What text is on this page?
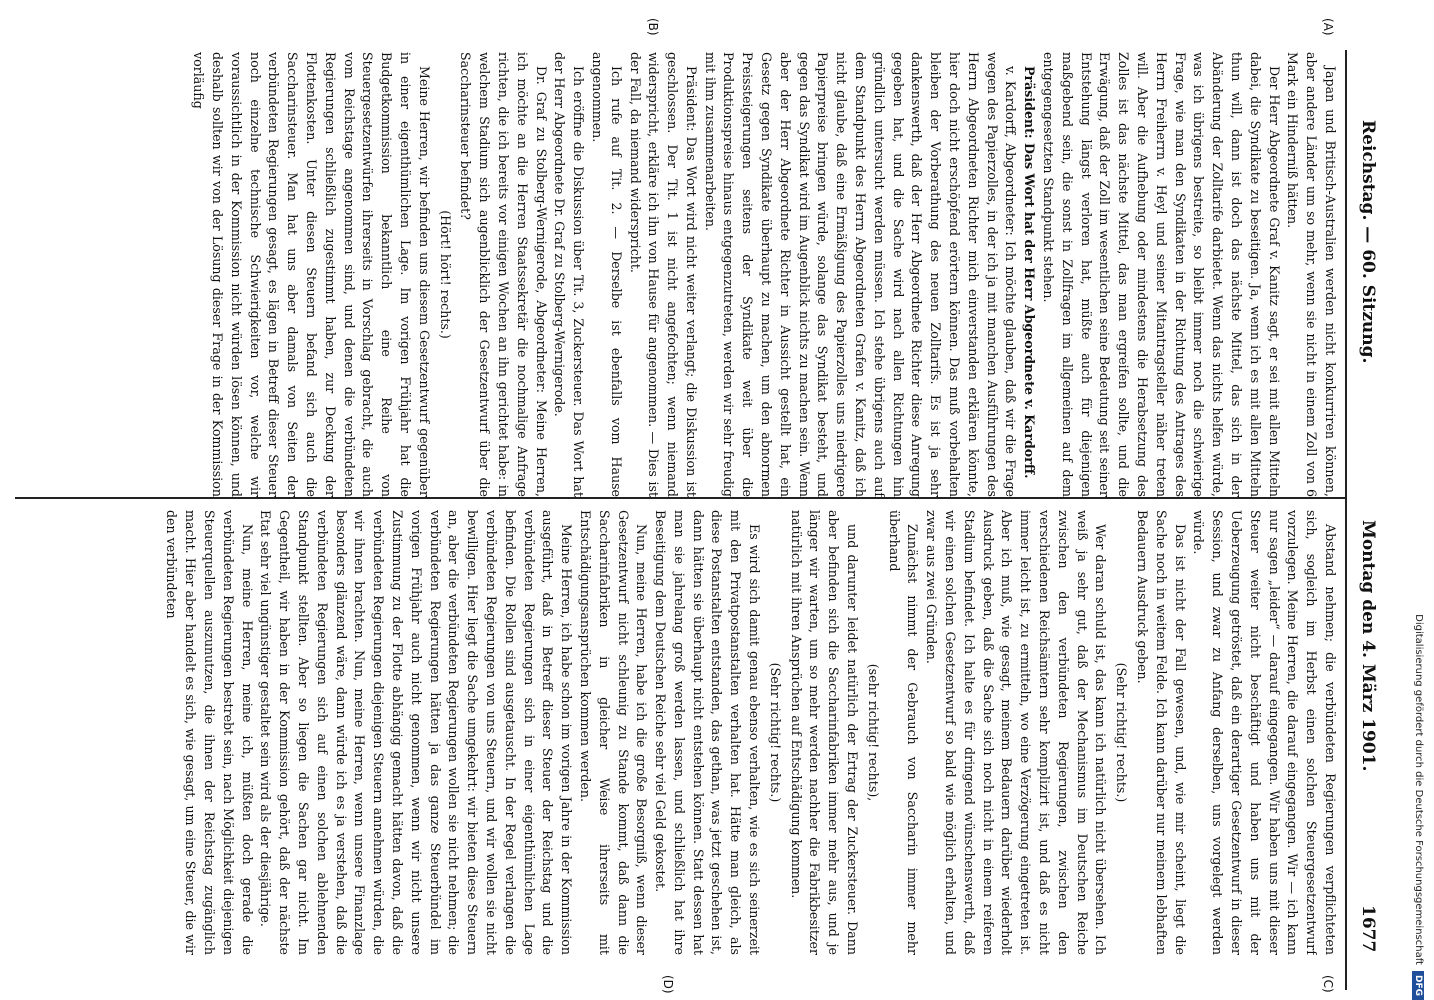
Reichstag. — 60. Sitzung.
Montag den 4. März 1901.
1677
(A)
(B)
(C)
(D)

Japan und Britisch-Australien werden nicht konkurriren können, aber andere Länder um so mehr, wenn sie nicht in einem Zoll von 6 Mark ein Hinderniß hätten.

Der Herr Abgeordnete Graf v. Kanitz sagt, er sei mit allen Mitteln dabei, die Syndikate zu beseitigen. Ja, wenn ich es mit allen Mitteln thun will, dann ist doch das nächste Mittel, das sich in der Abänderung der Zolltarife darbietet. Wenn das nichts helfen würde, was ich übrigens bestreite, so bleibt immer noch die schwierige Frage, wie man den Syndikaten in der Richtung des Antrages des Herrn Freiherrn v. Heyl und seiner Mitantragsteller näher treten will. Aber die Aufhebung oder mindestens die Herabsetzung des Zolles ist das nächste Mittel, das man ergreifen sollte, und die Erwägung, daß der Zoll im wesentlichen seine Bedeutung seit seiner Entstehung längst verloren hat, müßte auch für diejenigen maßgebend sein, die sonst in Zollfragen im allgemeinen auf dem entgegengesetzten Standpunkt stehen.

Präsident: Das Wort hat der Herr Abgeordnete v. Kardorff.

v. Kardorff, Abgeordneter: Ich möchte glauben, daß wir die Frage wegen des Papierzolles, in der ich ja mit manchen Ausführungen des Herrn Abgeordneten Richter mich einverstanden erklären könnte, hier doch nicht erschöpfend erörtern können. Das muß vorbehalten bleiben der Vorberathung des neuen Zolltarifs. Es ist ja sehr dankenswerth, daß der Herr Abgeordnete Richter diese Anregung gegeben hat, und die Sache wird nach allen Richtungen hin gründlich untersucht werden müssen. Ich stehe übrigens auch auf dem Standpunkt des Herrn Abgeordneten Grafen v. Kanitz, daß ich nicht glaube, daß eine Ermäßigung des Papierzolles uns niedrigere Papierpreise bringen würde, solange das Syndikat besteht, und gegen das Syndikat wird im Augenblick nichts zu machen sein. Wenn aber der Herr Abgeordnete Richter in Aussicht gestellt hat, ein Gesetz gegen Syndikate überhaupt zu machen, um den abnormen Preissteigerungen seitens der Syndikate weit über die Produktionspreise hinaus entgegenzutreten, werden wir sehr freudig mit ihm zusammenarbeiten.

Präsident: Das Wort wird nicht weiter verlangt; die Diskussion ist geschlossen. Der Tit. 1 ist nicht angefochten; wenn niemand widerspricht, erkläre ich ihn von Hause für angenommen. — Dies ist der Fall, da niemand widerspricht.

Ich rufe auf Tit. 2. — Derselbe ist ebenfalls vom Hause angenommen.

Ich eröffne die Diskussion über Tit. 3, Zuckersteuer. Das Wort hat der Herr Abgeordnete Dr. Graf zu Stolberg-Wernigerode.

Dr. Graf zu Stolberg-Wernigerode, Abgeordneter: Meine Herren, ich möchte an die Herren Staatssekretär die nochmalige Anfrage richten, die ich bereits vor einigen Wochen an ihn gerichtet habe: in welchem Stadium sich augenblicklich der Gesetzentwurf über die Saccharinsteuer befindet?

(Hört! hört! rechts.)

Meine Herren, wir befinden uns diesem Gesetzentwurf gegenüber in einer eigenthümlichen Lage. Im vorigen Frühjahr hat die Budgetkommission bekanntlich eine Reihe von Steuergesetzentwürfen ihrerseits in Vorschlag gebracht, die auch vom Reichstage angenommen sind, und denen die verbündeten Regierungen schließlich zugestimmt haben, zur Deckung der Flottenkosten. Unter diesen Steuern befand sich auch die Saccharinsteuer. Man hat uns aber damals von Seiten der verbündeten Regierungen gesagt, es lägen in Betreff dieser Steuer noch einzelne technische Schwierigkeiten vor, welche wir voraussichtlich in der Kommission nicht würden lösen können, und deshalb sollten wir von der Lösung dieser Frage in der Kommission vorläufig

Abstand nehmen; die verbündeten Regierungen verpflichteten sich, sogleich im Herbst einen solchen Steuergesetzentwurf vorzulegen. Meine Herren, die darauf eingegangen. Wir — ich kann nur sagen „leider“ — darauf eingegangen. Wir haben uns mit dieser Steuer weiter nicht beschäftigt und haben uns mit der Ueberzeugung getröstet, daß ein derartiger Gesetzentwurf in dieser Session, und zwar zu Anfang derselben, uns vorgelegt werden würde.

Das ist nicht der Fall gewesen, und, wie mir scheint, liegt die Sache noch in weitem Felde. Ich kann darüber nur meinem lebhaften Bedauern Ausdruck geben.

(Sehr richtig! rechts.)

Wer daran schuld ist, das kann ich natürlich nicht übersehen. Ich weiß ja sehr gut, daß der Mechanismus im Deutschen Reiche zwischen den verbündeten Regierungen, zwischen den verschiedenen Reichsämtern sehr komplizirt ist, und daß es nicht immer leicht ist, zu ermitteln, wo eine Verzögerung eingetreten ist. Aber ich muß, wie gesagt, meinem Bedauern darüber wiederholt Ausdruck geben, daß die Sache sich noch nicht in einem reiferen Stadium befindet. Ich halte es für dringend wünschenswerth, daß wir einen solchen Gesetzentwurf so bald wie möglich erhalten, und zwar aus zwei Gründen.

Zunächst nimmt der Gebrauch von Saccharin immer mehr überhand

(sehr richtig! rechts),

und darunter leidet natürlich der Ertrag der Zuckersteuer. Dann aber befinden sich die Saccharinfabriken immer mehr aus, und je länger wir warten, um so mehr werden nachher die Fabrikbesitzer natürlich mit ihren Ansprüchen auf Entschädigung kommen.

(Sehr richtig! rechts.)

Es wird sich damit genau ebenso verhalten, wie es sich seinerzeit mit den Privatpostanstalten verhalten hat. Hätte man gleich, als diese Postanstalten entstanden, das gethan, was jetzt geschehen ist, dann hätten sie überhaupt nicht entstehen können. Statt dessen hat man sie jahrelang groß werden lassen, und schließlich hat ihre Beseitigung dem Deutschen Reiche sehr viel Geld gekostet.

Nun, meine Herren, habe ich die große Besorgniß, wenn dieser Gesetzentwurf nicht schleunig zu Stande kommt, daß dann die Saccharinfabriken in gleicher Weise ihrerseits mit Entschädigungsansprüchen kommen werden.

Meine Herren, ich habe schon im vorigen Jahre in der Kommission ausgeführt, daß in Betreff dieser Steuer der Reichstag und die verbündeten Regierungen sich in einer eigenthümlichen Lage befinden. Die Rollen sind ausgetauscht. In der Regel verlangen die verbündeten Regierungen von uns Steuern, und wir wollen sie nicht bewilligen. Hier liegt die Sache umgekehrt: wir bieten diese Steuern an, aber die verbündeten Regierungen wollen sie nicht nehmen; die verbündeten Regierungen hätten ja das ganze Steuerbündel im vorigen Frühjahr auch nicht genommen, wenn wir nicht unsere Zustimmung zu der Flotte abhängig gemacht hätten davon, daß die verbündeten Regierungen diejenigen Steuern annehmen würden, die wir ihnen brachten. Nun, meine Herren, wenn unsere Finanzlage besonders glänzend wäre, dann würde ich es ja verstehen, daß die verbündeten Regierungen sich auf einen solchen ablehnenden Standpunkt stellten. Aber so liegen die Sachen gar nicht. Im Gegentheil, wir haben in der Kommission gehört, daß der nächste Etat sehr viel ungünstiger gestaltet sein wird als der diesjährige.

Nun, meine Herren, meine ich, müßten doch gerade die verbündeten Regierungen bestrebt sein, nach Möglichkeit diejenigen Steuerquellen auszunutzen, die ihnen der Reichstag zugänglich macht. Hier aber handelt es sich, wie gesagt, um eine Steuer, die wir den verbündeten

Digitalisierung gefördert durch die Deutsche Forschungsgemeinschaft
DFG
